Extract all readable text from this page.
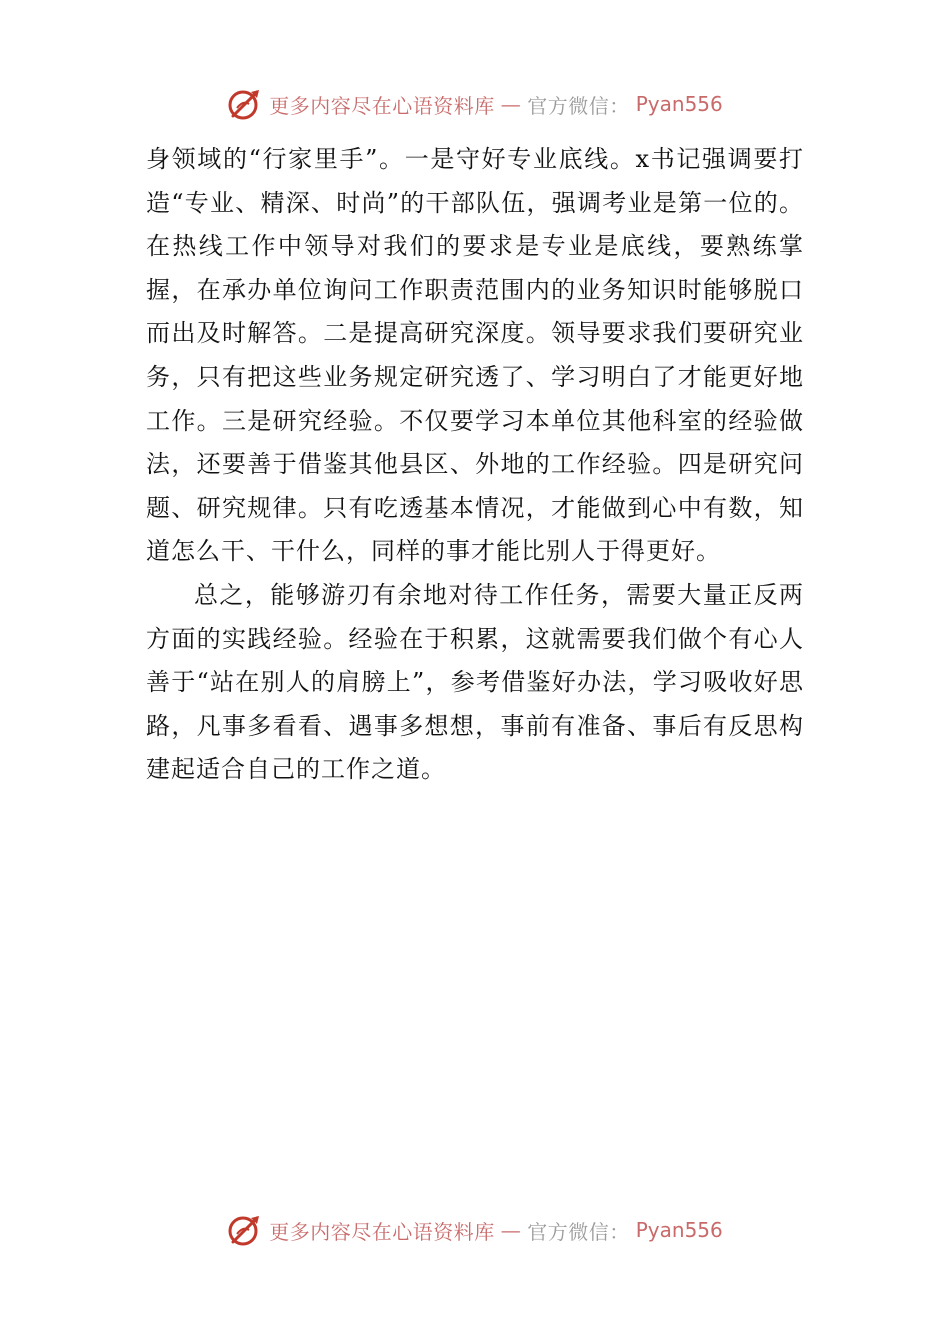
更多内容尽在心语资料库 — 官方微信： Pyan556

身领域的“行家里手”。一是守好专业底线。x书记强调要打造“专业、精深、时尚”的干部队伍，强调考业是第一位的。在热线工作中领导对我们的要求是专业是底线，要熟练掌握，在承办单位询问工作职责范围内的业务知识时能够脱口而出及时解答。二是提高研究深度。领导要求我们要研究业务，只有把这些业务规定研究透了、学习明白了才能更好地工作。三是研究经验。不仅要学习本单位其他科室的经验做法，还要善于借鉴其他县区、外地的工作经验。四是研究问题、研究规律。只有吃透基本情况，才能做到心中有数，知道怎么干、干什么，同样的事才能比别人于得更好。

总之，能够游刃有余地对待工作任务，需要大量正反两方面的实践经验。经验在于积累，这就需要我们做个有心人善于“站在别人的肩膀上”，参考借鉴好办法，学习吸收好思路，凡事多看看、遇事多想想，事前有准备、事后有反思构建起适合自己的工作之道。

更多内容尽在心语资料库 — 官方微信： Pyan556
